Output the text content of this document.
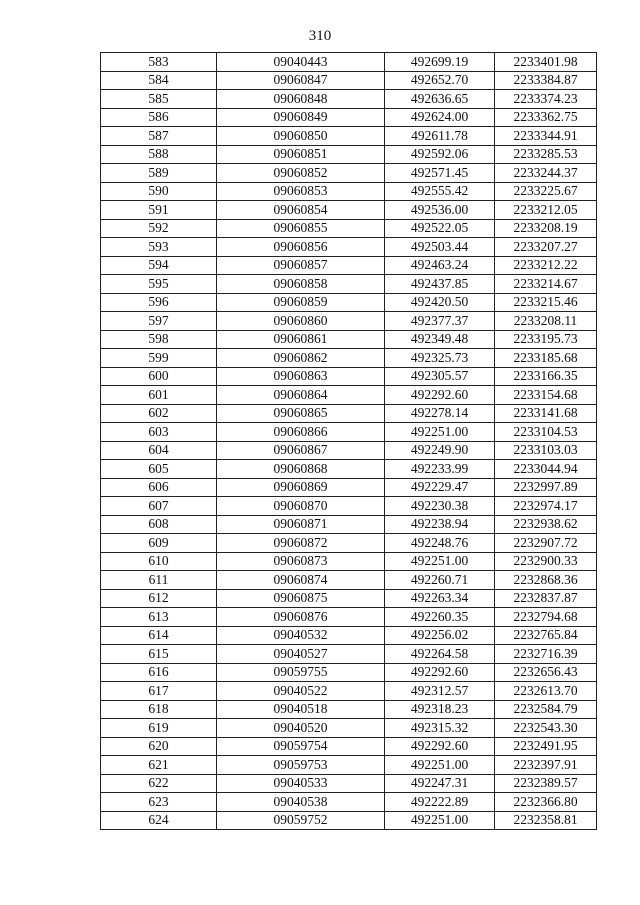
310
583	09040443	492699.19	2233401.98
584	09060847	492652.70	2233384.87
585	09060848	492636.65	2233374.23
586	09060849	492624.00	2233362.75
587	09060850	492611.78	2233344.91
588	09060851	492592.06	2233285.53
589	09060852	492571.45	2233244.37
590	09060853	492555.42	2233225.67
591	09060854	492536.00	2233212.05
592	09060855	492522.05	2233208.19
593	09060856	492503.44	2233207.27
594	09060857	492463.24	2233212.22
595	09060858	492437.85	2233214.67
596	09060859	492420.50	2233215.46
597	09060860	492377.37	2233208.11
598	09060861	492349.48	2233195.73
599	09060862	492325.73	2233185.68
600	09060863	492305.57	2233166.35
601	09060864	492292.60	2233154.68
602	09060865	492278.14	2233141.68
603	09060866	492251.00	2233104.53
604	09060867	492249.90	2233103.03
605	09060868	492233.99	2233044.94
606	09060869	492229.47	2232997.89
607	09060870	492230.38	2232974.17
608	09060871	492238.94	2232938.62
609	09060872	492248.76	2232907.72
610	09060873	492251.00	2232900.33
611	09060874	492260.71	2232868.36
612	09060875	492263.34	2232837.87
613	09060876	492260.35	2232794.68
614	09040532	492256.02	2232765.84
615	09040527	492264.58	2232716.39
616	09059755	492292.60	2232656.43
617	09040522	492312.57	2232613.70
618	09040518	492318.23	2232584.79
619	09040520	492315.32	2232543.30
620	09059754	492292.60	2232491.95
621	09059753	492251.00	2232397.91
622	09040533	492247.31	2232389.57
623	09040538	492222.89	2232366.80
624	09059752	492251.00	2232358.81
